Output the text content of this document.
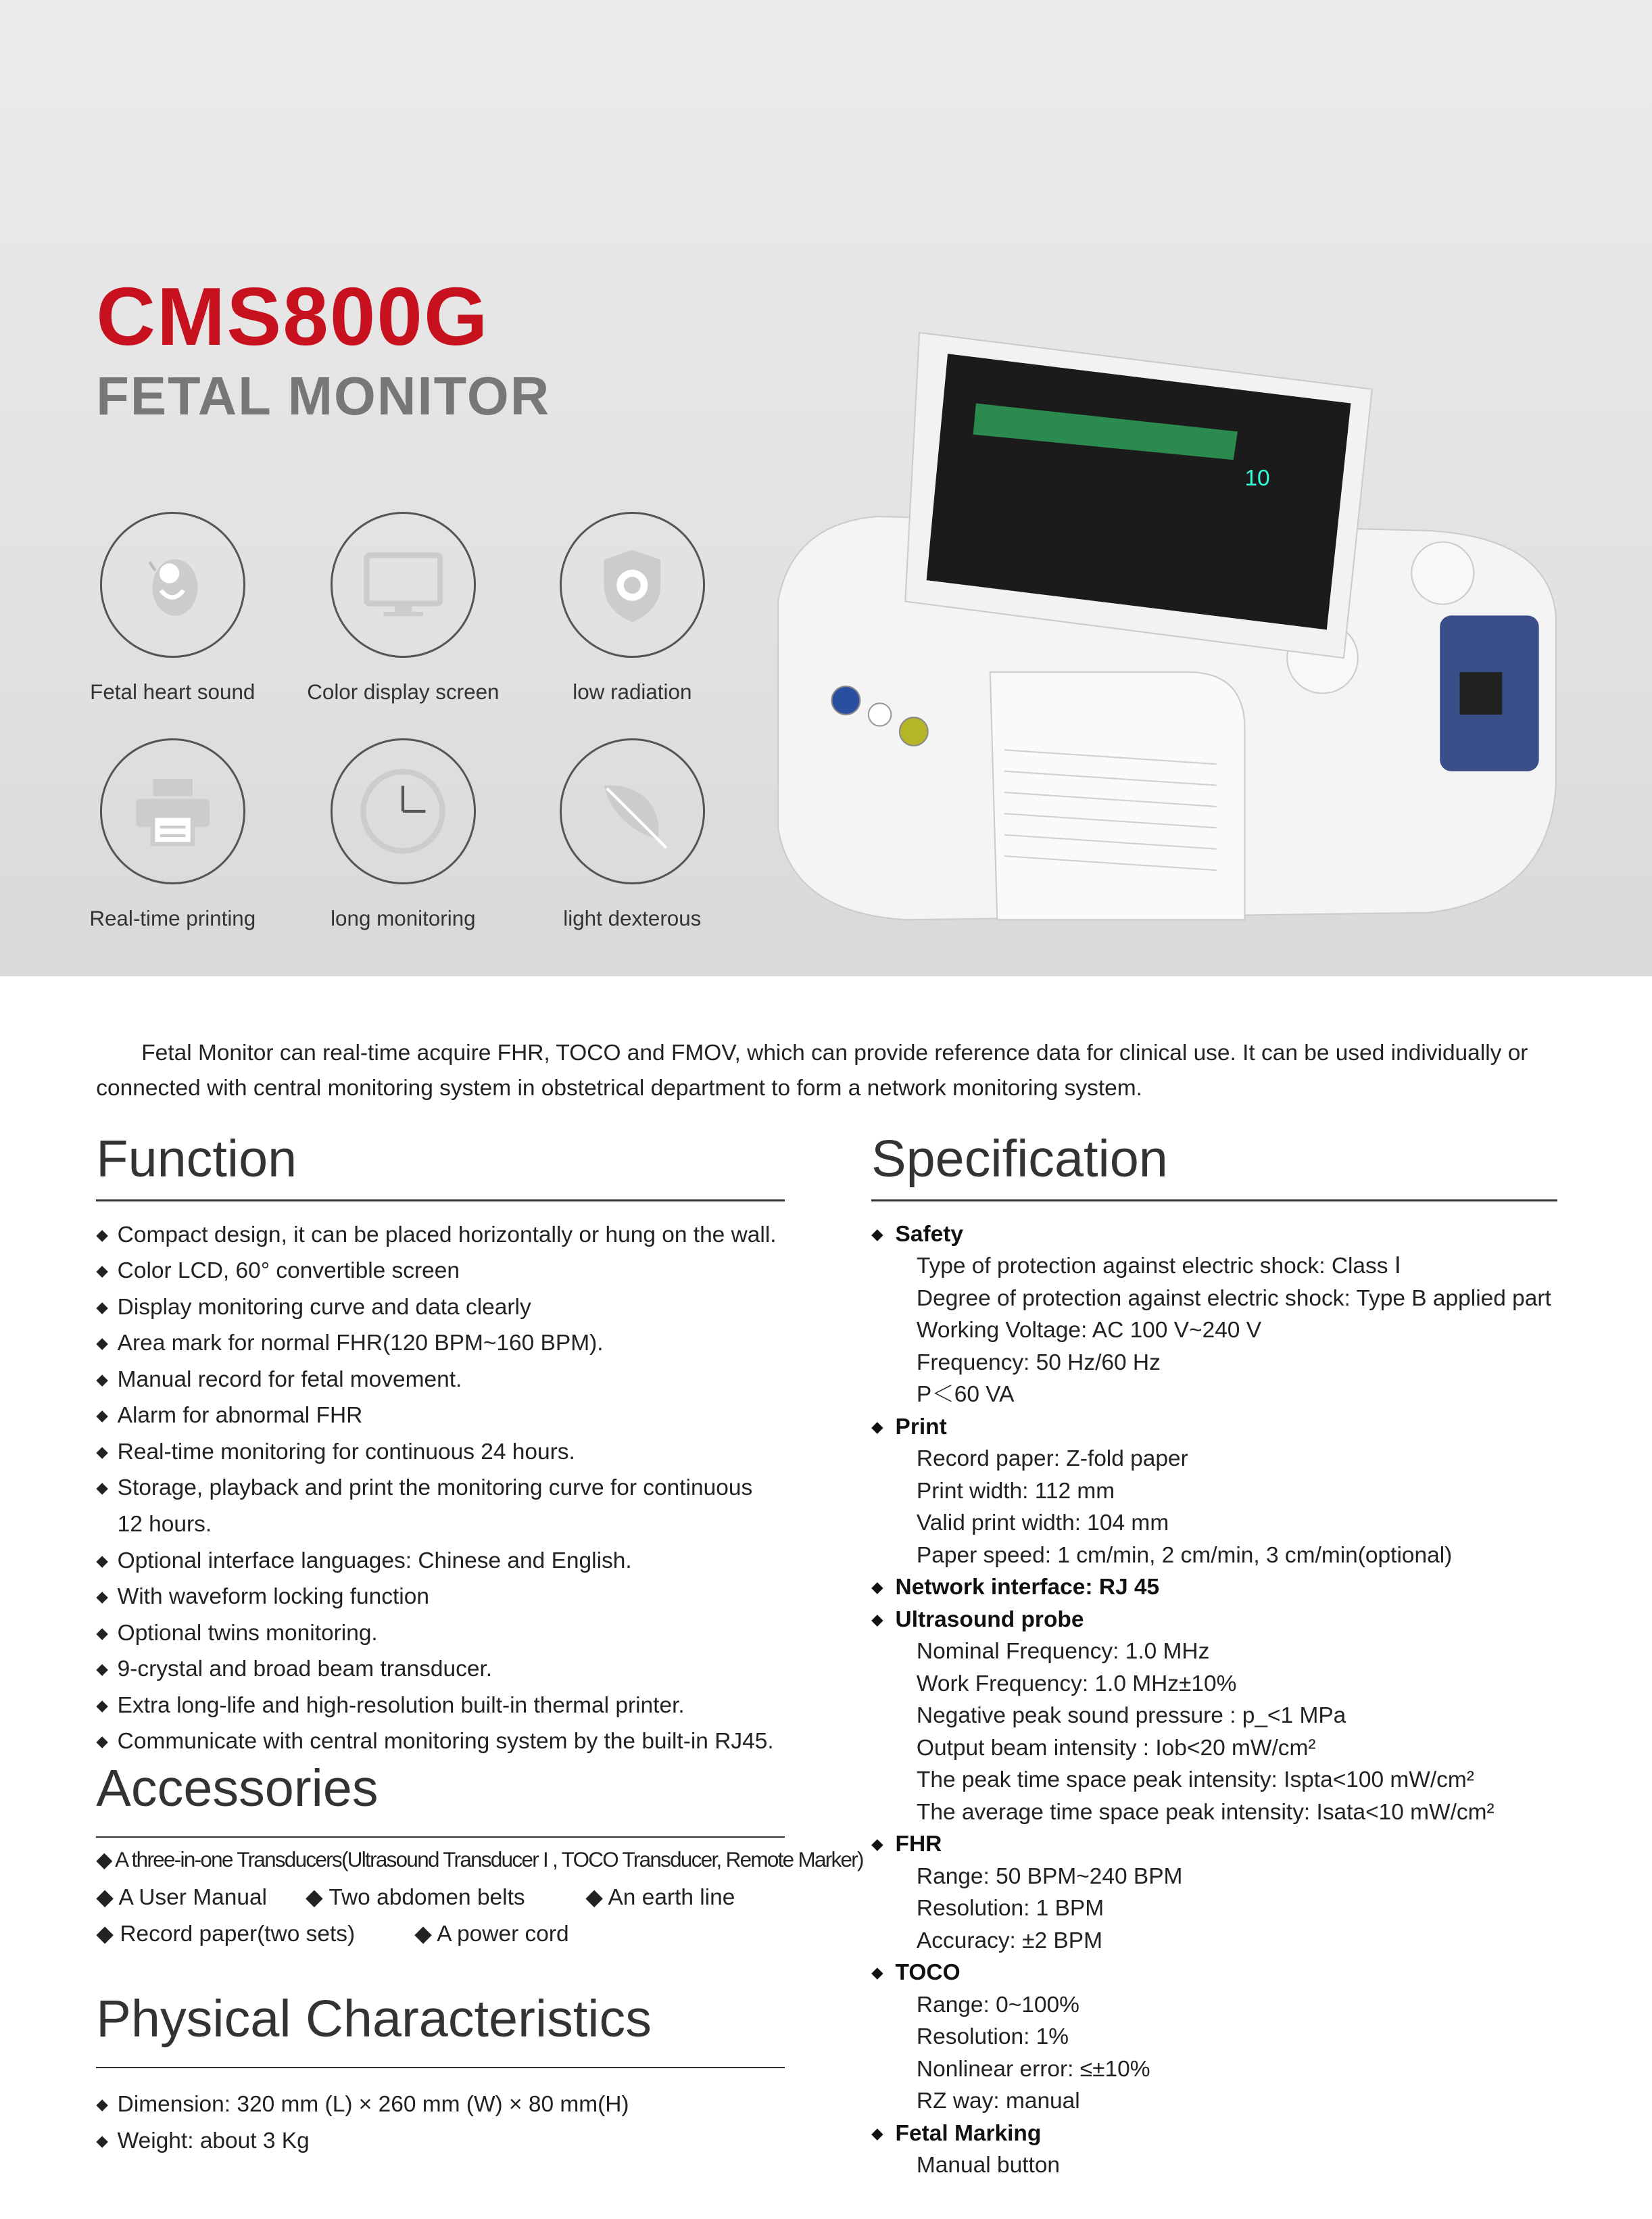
CMS800G
FETAL MONITOR
Fetal heart sound	Color display screen	low radiation
Real-time printing	long monitoring	light dexterous
10
Fetal Monitor can real-time acquire FHR, TOCO and FMOV, which can provide reference data for clinical use. It can be used individually or connected with central monitoring system in obstetrical department to form a network monitoring system.
Function
◆ Compact design, it can be placed horizontally or hung on the wall.
◆ Color LCD, 60° convertible screen
◆ Display monitoring curve and data clearly
◆ Area mark for normal FHR(120 BPM~160 BPM).
◆ Manual record for fetal movement.
◆ Alarm for abnormal FHR
◆ Real-time monitoring for continuous 24 hours.
◆ Storage, playback and print the monitoring curve for continuous
12 hours.
◆ Optional interface languages: Chinese and English.
◆ With waveform locking function
◆ Optional twins monitoring.
◆ 9-crystal and broad beam transducer.
◆ Extra long-life and high-resolution built-in thermal printer.
◆ Communicate with central monitoring system by the built-in RJ45.
Accessories
◆ A three-in-one Transducers(Ultrasound Transducer I , TOCO Transducer, Remote Marker)
◆ A User Manual	◆ Two abdomen belts	◆ An earth line
◆ Record paper(two sets)	◆ A power cord
Physical Characteristics
◆ Dimension: 320 mm (L) × 260 mm (W) × 80 mm(H)
◆ Weight: about 3 Kg
Specification
◆ Safety
Type of protection against electric shock: Class Ⅰ
Degree of protection against electric shock: Type B applied part
Working Voltage: AC 100 V~240 V
Frequency: 50 Hz/60 Hz
P＜60 VA
◆ Print
Record paper: Z-fold paper
Print width: 112 mm
Valid print width: 104 mm
Paper speed: 1 cm/min, 2 cm/min, 3 cm/min(optional)
◆ Network interface: RJ 45
◆ Ultrasound probe
Nominal Frequency: 1.0 MHz
Work Frequency: 1.0 MHz±10%
Negative peak sound pressure : p_<1 MPa
Output beam intensity : Iob<20 mW/cm²
The peak time space peak intensity: Ispta<100 mW/cm²
The average time space peak intensity: Isata<10 mW/cm²
◆ FHR
Range: 50 BPM~240 BPM
Resolution: 1 BPM
Accuracy: ±2 BPM
◆ TOCO
Range: 0~100%
Resolution: 1%
Nonlinear error: ≤±10%
RZ way: manual
◆ Fetal Marking
Manual button
